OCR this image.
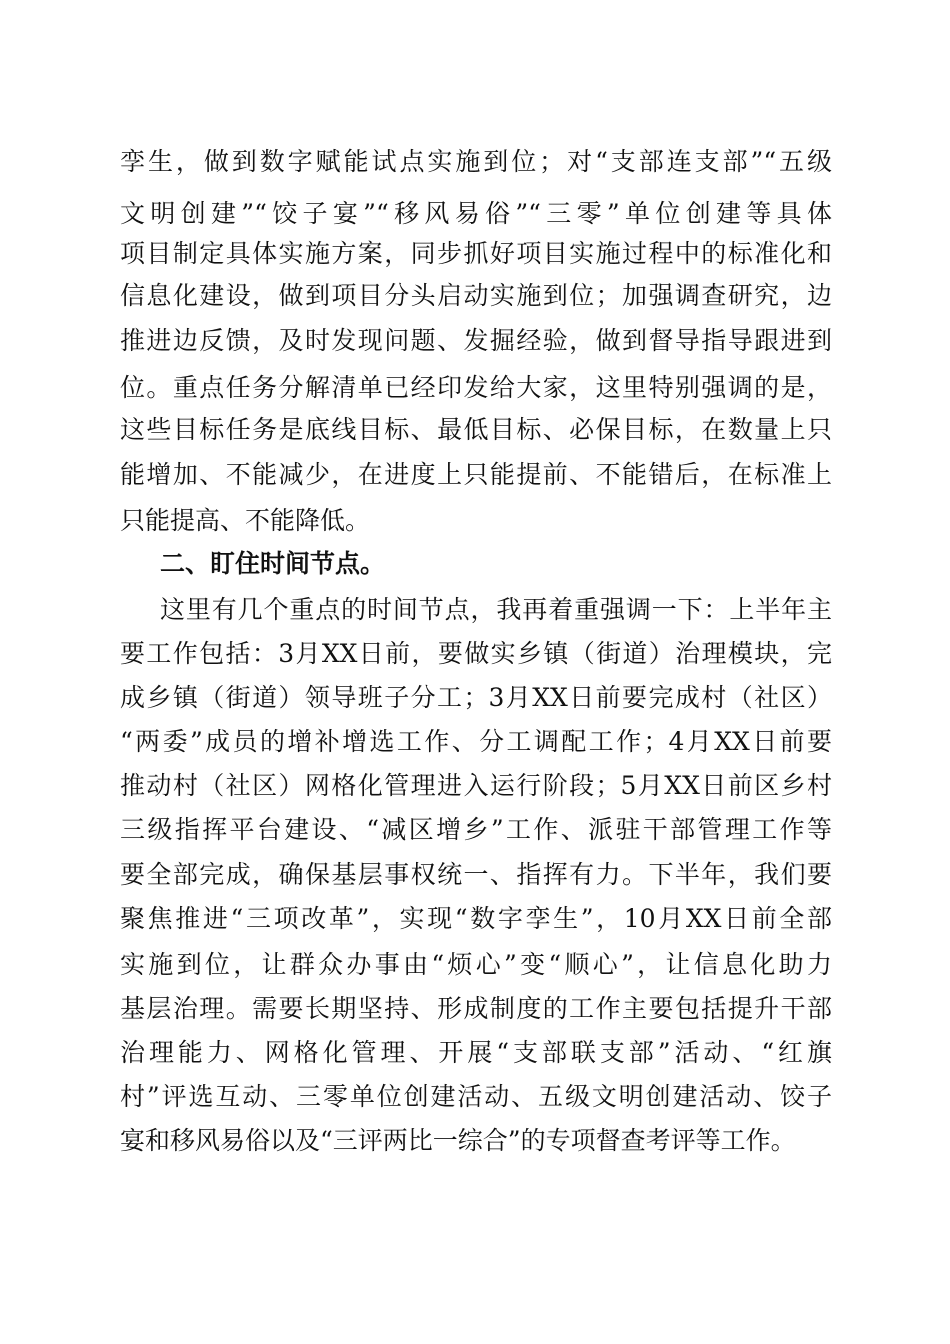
孪生，做到数字赋能试点实施到位；对“支部连支部”“五级
文明创建”“饺子宴”“移风易俗”“三零”单位创建等具体
项目制定具体实施方案，同步抓好项目实施过程中的标准化和
信息化建设，做到项目分头启动实施到位；加强调查研究，边
推进边反馈，及时发现问题、发掘经验，做到督导指导跟进到
位。重点任务分解清单已经印发给大家，这里特别强调的是，
这些目标任务是底线目标、最低目标、必保目标，在数量上只
能增加、不能减少，在进度上只能提前、不能错后，在标准上
只能提高、不能降低。
二、盯住时间节点。
这里有几个重点的时间节点，我再着重强调一下：上半年主
要工作包括：3月XX日前，要做实乡镇（街道）治理模块，完
成乡镇（街道）领导班子分工；3月XX日前要完成村（社区）
“两委”成员的增补增选工作、分工调配工作；4月XX日前要
推动村（社区）网格化管理进入运行阶段；5月XX日前区乡村
三级指挥平台建设、“减区增乡”工作、派驻干部管理工作等
要全部完成，确保基层事权统一、指挥有力。下半年，我们要
聚焦推进“三项改革”，实现“数字孪生”，10月XX日前全部
实施到位，让群众办事由“烦心”变“顺心”，让信息化助力
基层治理。需要长期坚持、形成制度的工作主要包括提升干部
治理能力、网格化管理、开展“支部联支部”活动、“红旗
村”评选互动、三零单位创建活动、五级文明创建活动、饺子
宴和移风易俗以及“三评两比一综合”的专项督查考评等工作。
